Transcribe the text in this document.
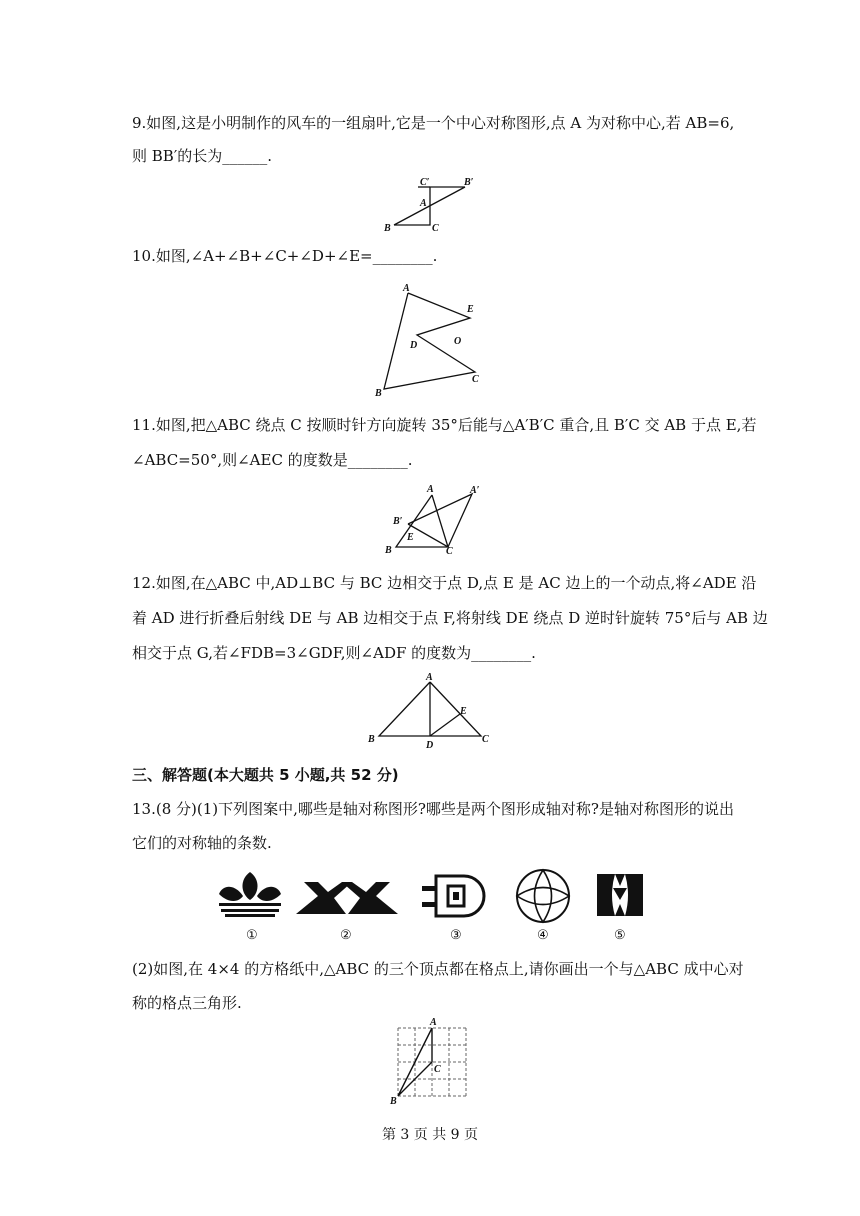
9.如图,这是小明制作的风车的一组扇叶,它是一个中心对称图形,点 A 为对称中心,若 AB=6,
则 BB′的长为______.
C′	B′
A
B	C
10.如图,∠A+∠B+∠C+∠D+∠E=________.
A
E
D	O
B
C
11.如图,把△ABC 绕点 C 按顺时针方向旋转 35°后能与△A′B′C 重合,且 B′C 交 AB 于点 E,若
∠ABC=50°,则∠AEC 的度数是________.
A	A′
B′
E
B	C
12.如图,在△ABC 中,AD⊥BC 与 BC 边相交于点 D,点 E 是 AC 边上的一个动点,将∠ADE 沿
着 AD 进行折叠后射线 DE 与 AB 边相交于点 F,将射线 DE 绕点 D 逆时针旋转 75°后与 AB 边
相交于点 G,若∠FDB=3∠GDF,则∠ADF 的度数为________.
A
E
B
D
C
三、解答题(本大题共 5 小题,共 52 分)
13.(8 分)(1)下列图案中,哪些是轴对称图形?哪些是两个图形成轴对称?是轴对称图形的说出
它们的对称轴的条数.
①	②	③	④	⑤
(2)如图,在 4×4 的方格纸中,△ABC 的三个顶点都在格点上,请你画出一个与△ABC 成中心对
称的格点三角形.
A
C
B
第 3 页 共 9 页
